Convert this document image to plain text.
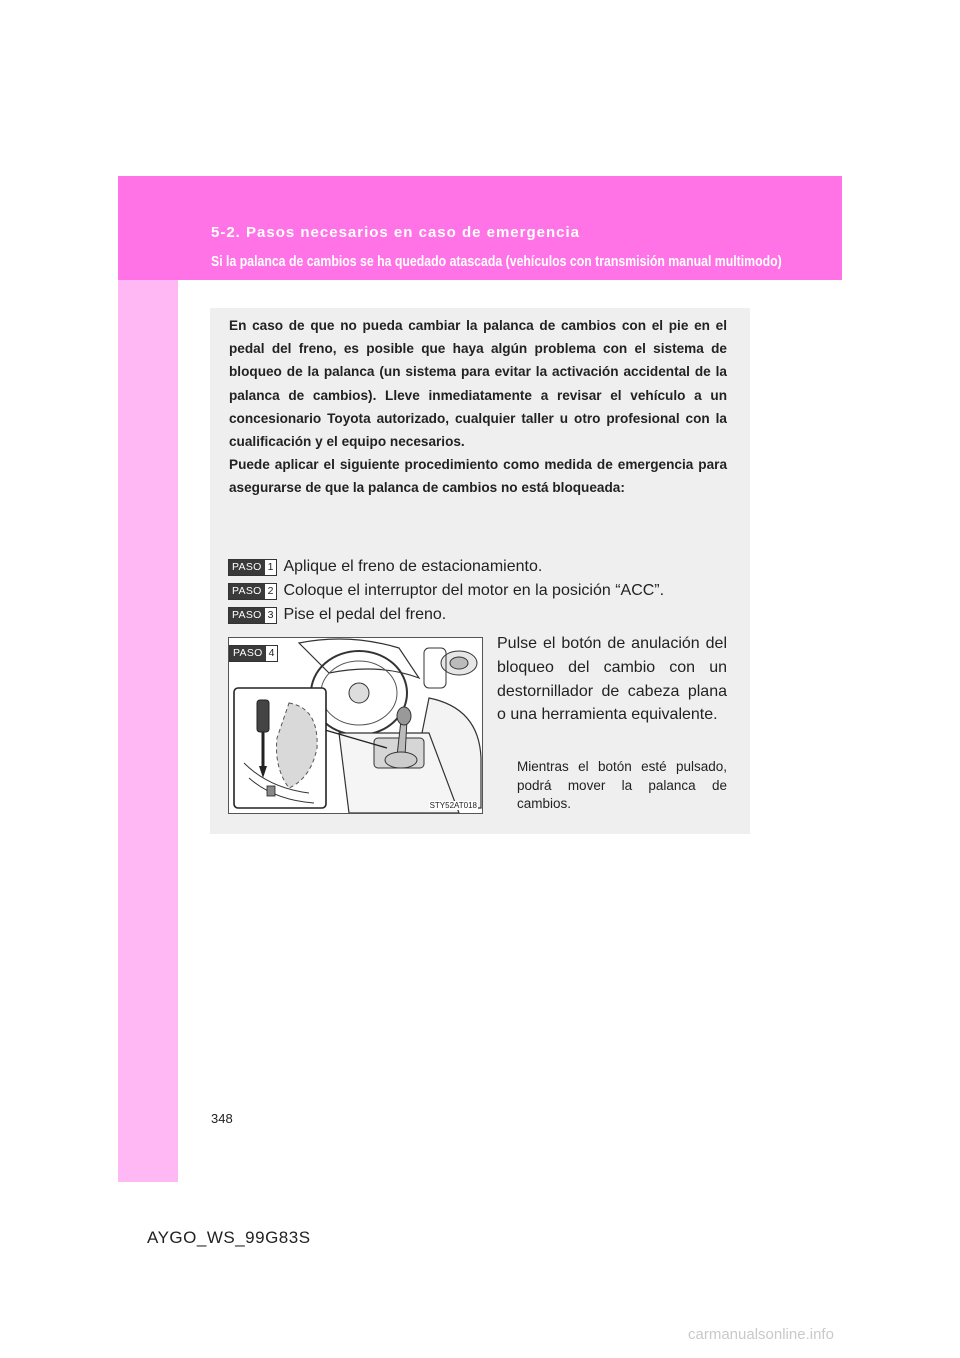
5-2. Pasos necesarios en caso de emergencia
Si la palanca de cambios se ha quedado atascada (vehículos con transmisión manual multimodo)
En caso de que no pueda cambiar la palanca de cambios con el pie en el pedal del freno, es posible que haya algún problema con el sistema de bloqueo de la palanca (un sistema para evitar la activación accidental de la palanca de cambios). Lleve inmediatamente a revisar el vehículo a un concesionario Toyota autorizado, cualquier taller u otro profesional con la cualificación y el equipo necesarios.
Puede aplicar el siguiente procedimiento como medida de emergencia para asegurarse de que la palanca de cambios no está bloqueada:
PASO 1 Aplique el freno de estacionamiento.
PASO 2 Coloque el interruptor del motor en la posición “ACC”.
PASO 3 Pise el pedal del freno.
STY52AT018
PASO 4
Pulse el botón de anulación del bloqueo del cambio con un destornillador de cabeza plana o una herramienta equivalente.
Mientras el botón esté pulsado, podrá mover la palanca de cambios.
348
AYGO_WS_99G83S
carmanualsonline.info
